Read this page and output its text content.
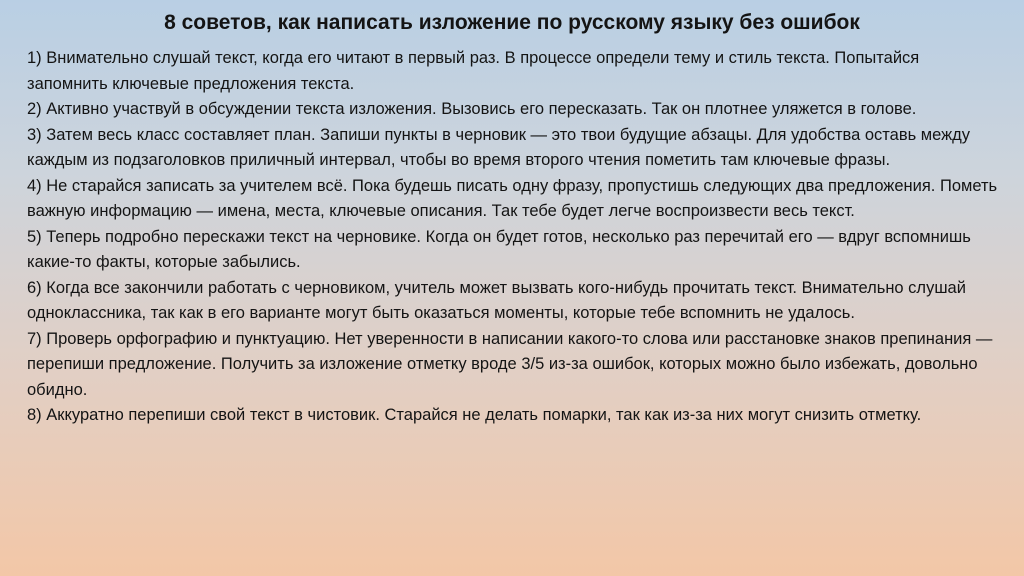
8 советов, как написать изложение по русскому языку без ошибок

1) Внимательно слушай текст, когда его читают в первый раз. В процессе определи тему и стиль текста. Попытайся запомнить ключевые предложения текста.

2) Активно участвуй в обсуждении текста изложения. Вызовись его пересказать. Так он плотнее уляжется в голове.

3) Затем весь класс составляет план. Запиши пункты в черновик — это твои будущие абзацы. Для удобства оставь между каждым из подзаголовков приличный интервал, чтобы во время второго чтения пометить там ключевые фразы.

4) Не старайся записать за учителем всё. Пока будешь писать одну фразу, пропустишь следующих два предложения. Пометь важную информацию — имена, места, ключевые описания. Так тебе будет легче воспроизвести весь текст.

5) Теперь подробно перескажи текст на черновике. Когда он будет готов, несколько раз перечитай его — вдруг вспомнишь какие-то факты, которые забылись.

6) Когда все закончили работать с черновиком, учитель может вызвать кого-нибудь прочитать текст. Внимательно слушай одноклассника, так как в его варианте могут быть оказаться моменты, которые тебе вспомнить не удалось.

7) Проверь орфографию и пунктуацию. Нет уверенности в написании какого-то слова или расстановке знаков препинания — перепиши предложение. Получить за изложение отметку вроде 3/5 из-за ошибок, которых можно было избежать, довольно обидно.

8) Аккуратно перепиши свой текст в чистовик. Старайся не делать помарки, так как из-за них могут снизить отметку.
